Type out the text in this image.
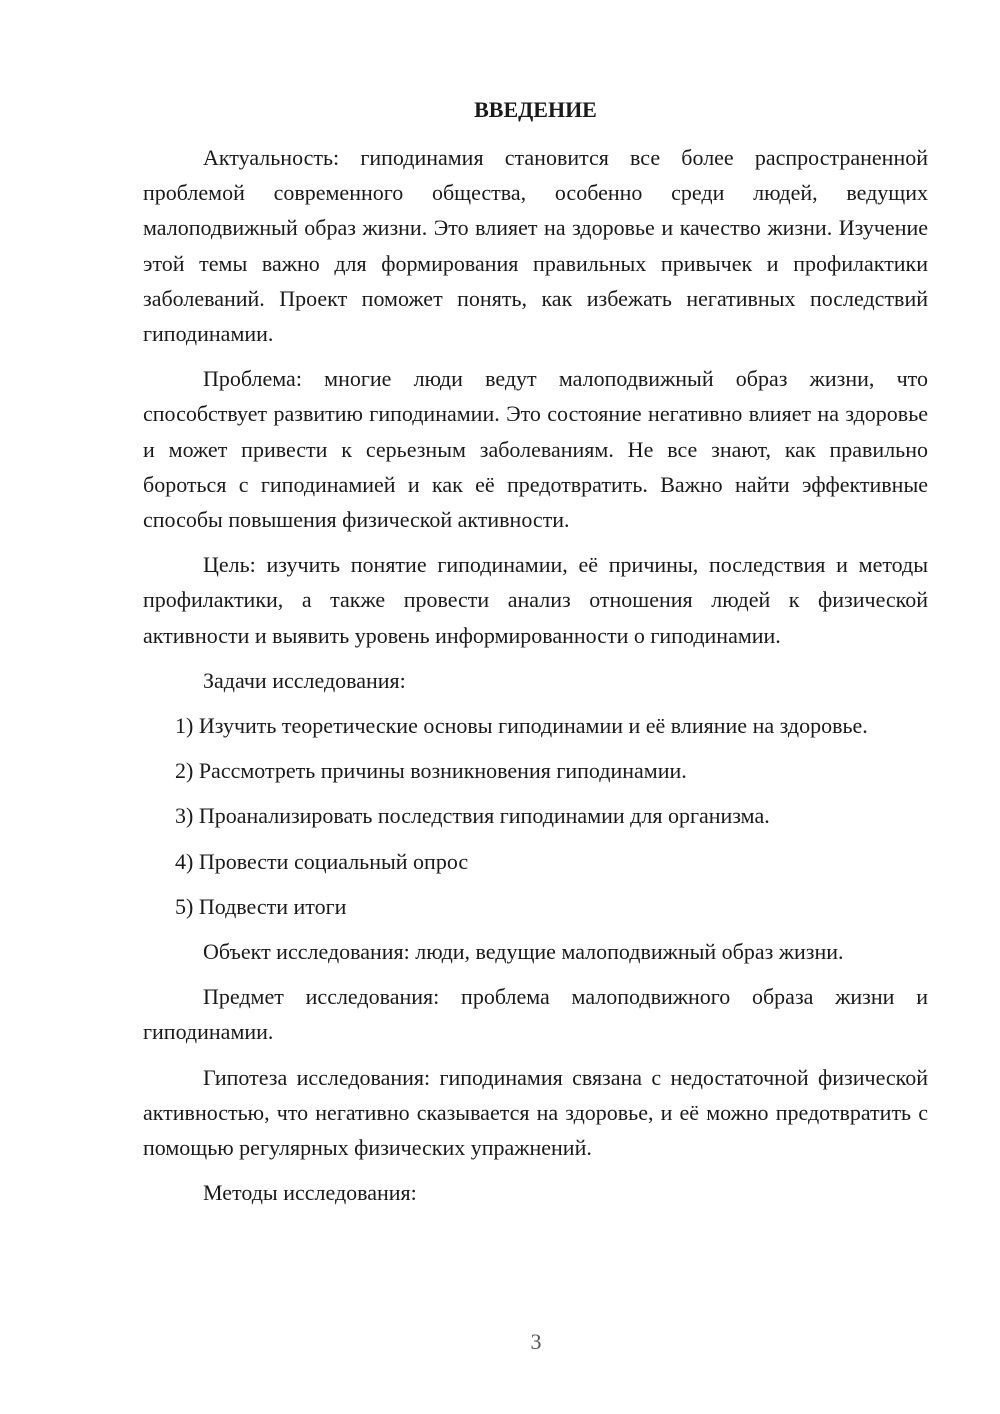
ВВЕДЕНИЕ

Актуальность: гиподинамия становится все более распространенной проблемой современного общества, особенно среди людей, ведущих малоподвижный образ жизни. Это влияет на здоровье и качество жизни. Изучение этой темы важно для формирования правильных привычек и профилактики заболеваний. Проект поможет понять, как избежать негативных последствий гиподинамии.

Проблема: многие люди ведут малоподвижный образ жизни, что способствует развитию гиподинамии. Это состояние негативно влияет на здоровье и может привести к серьезным заболеваниям. Не все знают, как правильно бороться с гиподинамией и как её предотвратить. Важно найти эффективные способы повышения физической активности.

Цель: изучить понятие гиподинамии, её причины, последствия и методы профилактики, а также провести анализ отношения людей к физической активности и выявить уровень информированности о гиподинамии.

Задачи исследования:

1) Изучить теоретические основы гиподинамии и её влияние на здоровье.

2) Рассмотреть причины возникновения гиподинамии.

3) Проанализировать последствия гиподинамии для организма.

4) Провести социальный опрос

5) Подвести итоги

Объект исследования: люди, ведущие малоподвижный образ жизни.

Предмет исследования: проблема малоподвижного образа жизни и гиподинамии.

Гипотеза исследования: гиподинамия связана с недостаточной физической активностью, что негативно сказывается на здоровье, и её можно предотвратить с помощью регулярных физических упражнений.

Методы исследования:

3
